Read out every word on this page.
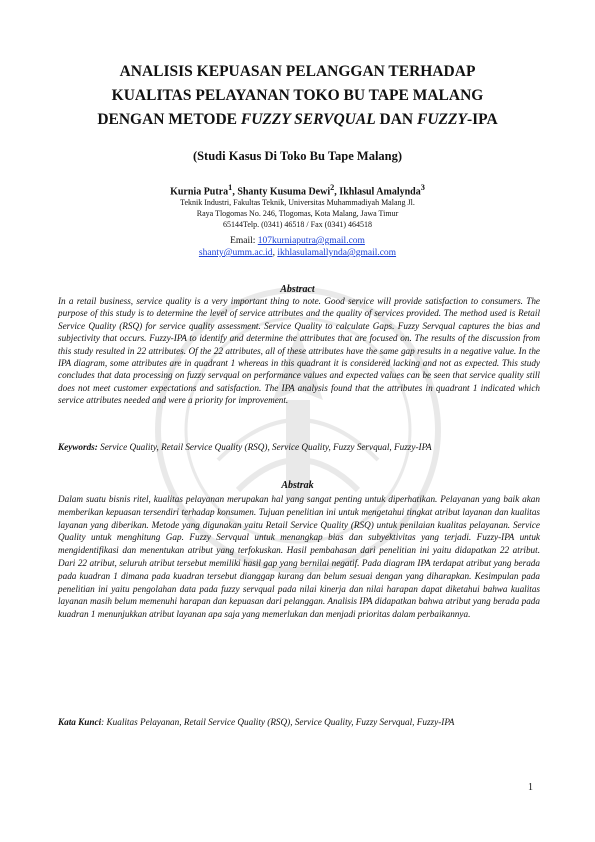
ANALISIS KEPUASAN PELANGGAN TERHADAP
KUALITAS PELAYANAN TOKO BU TAPE MALANG
DENGAN METODE FUZZY SERVQUAL DAN FUZZY-IPA

(Studi Kasus Di Toko Bu Tape Malang)

Kurnia Putra$^1$, Shanty Kusuma Dewi$^2$, Ikhlasul Amalynda$^3$

Teknik Industri, Fakultas Teknik, Universitas Muhammadiyah Malang Jl.
Raya Tlogomas No. 246, Tlogomas, Kota Malang, Jawa Timur
65144Telp. (0341) 46518 / Fax (0341) 464518
Email: 107kurniaputra@gmail.com
shanty@umm.ac.id, ikhlasulamallynda@gmail.com

Abstract

In a retail business, service quality is a very important thing to note. Good service will provide satisfaction to consumers. The purpose of this study is to determine the level of service attributes and the quality of services provided. The method used is Retail Service Quality (RSQ) for service quality assessment. Service Quality to calculate Gaps. Fuzzy Servqual captures the bias and subjectivity that occurs. Fuzzy-IPA to identify and determine the attributes that are focused on. The results of the discussion from this study resulted in 22 attributes. Of the 22 attributes, all of these attributes have the same gap results in a negative value. In the IPA diagram, some attributes are in quadrant 1 whereas in this quadrant it is considered lacking and not as expected. This study concludes that data processing on fuzzy servqual on performance values and expected values can be seen that service quality still does not meet customer expectations and satisfaction. The IPA analysis found that the attributes in quadrant 1 indicated which service attributes needed and were a priority for improvement.

Keywords: Service Quality, Retail Service Quality (RSQ), Service Quality, Fuzzy Servqual, Fuzzy-IPA

Abstrak

Dalam suatu bisnis ritel, kualitas pelayanan merupakan hal yang sangat penting untuk diperhatikan. Pelayanan yang baik akan memberikan kepuasan tersendiri terhadap konsumen. Tujuan penelitian ini untuk mengetahui tingkat atribut layanan dan kualitas layanan yang diberikan. Metode yang digunakan yaitu Retail Service Quality (RSQ) untuk penilaian kualitas pelayanan. Service Quality untuk menghitung Gap. Fuzzy Servqual untuk menangkap bias dan subyektivitas yang terjadi. Fuzzy-IPA untuk mengidentifikasi dan menentukan atribut yang terfokuskan. Hasil pembahasan dari penelitian ini yaitu didapatkan 22 atribut. Dari 22 atribut, seluruh atribut tersebut memiliki hasil gap yang bernilai negatif. Pada diagram IPA terdapat atribut yang berada pada kuadran 1 dimana pada kuadran tersebut dianggap kurang dan belum sesuai dengan yang diharapkan. Kesimpulan pada penelitian ini yaitu pengolahan data pada fuzzy servqual pada nilai kinerja dan nilai harapan dapat diketahui bahwa kualitas layanan masih belum memenuhi harapan dan kepuasan dari pelanggan. Analisis IPA didapatkan bahwa atribut yang berada pada kuadran 1 menunjukkan atribut layanan apa saja yang memerlukan dan menjadi prioritas dalam perbaikannya.

Kata Kunci: Kualitas Pelayanan, Retail Service Quality (RSQ), Service Quality, Fuzzy Servqual, Fuzzy-IPA

1
